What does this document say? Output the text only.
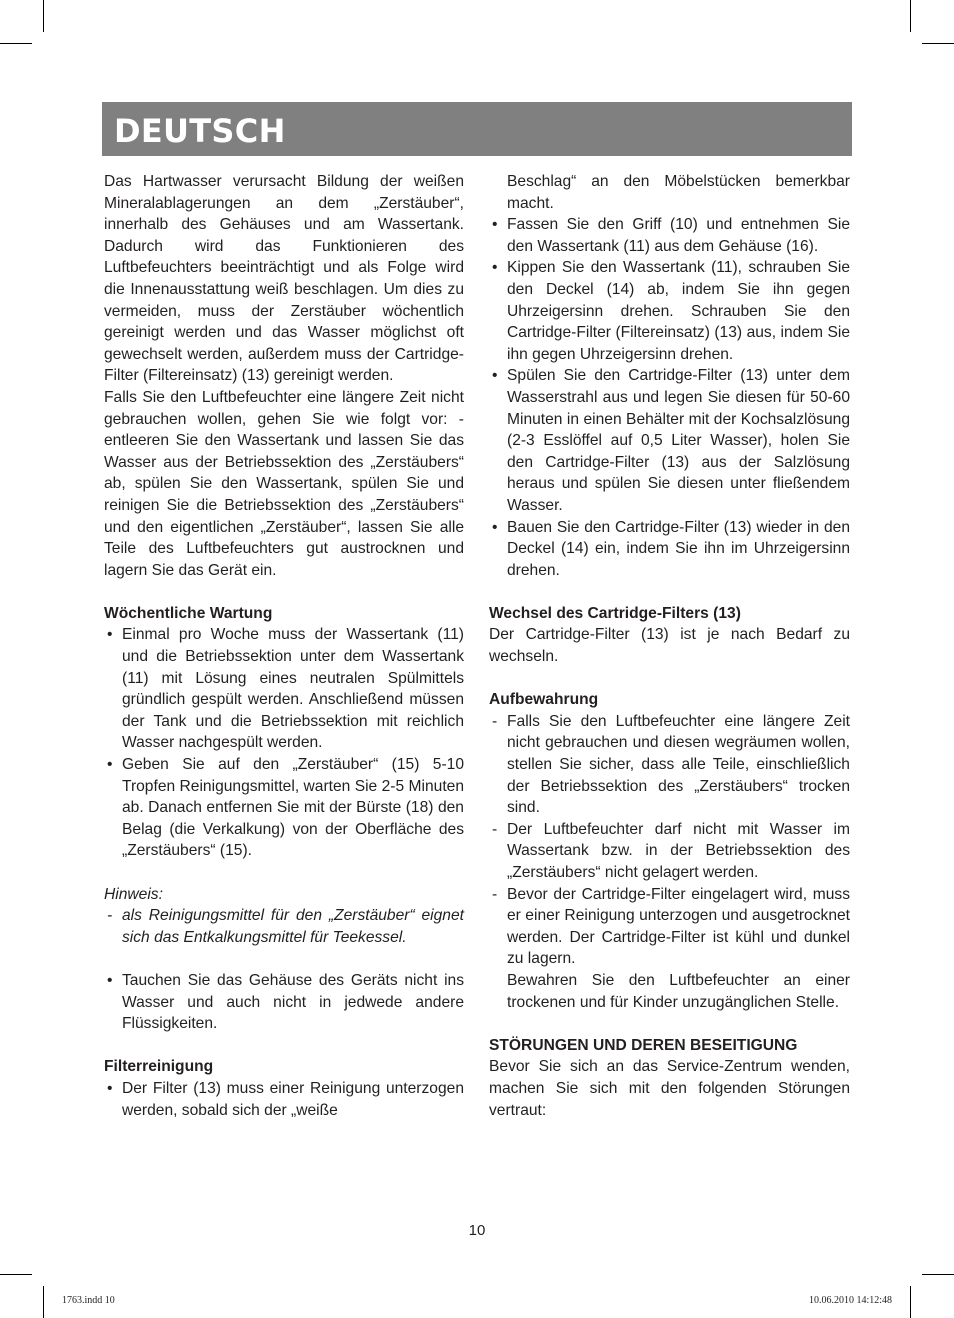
DEUTSCH

Das Hartwasser verursacht Bildung der weißen Mineralablagerungen an dem „Zerstäuber“, innerhalb des Gehäuses und am Wassertank. Dadurch wird das Funktionieren des Luftbefeuchters beeinträchtigt und als Folge wird die Innenausstattung weiß beschlagen. Um dies zu vermeiden, muss der Zerstäuber wöchentlich gereinigt werden und das Wasser möglichst oft gewechselt werden, außerdem muss der Cartridge-Filter (Filtereinsatz) (13) gereinigt werden.

Falls Sie den Luftbefeuchter eine längere Zeit nicht gebrauchen wollen, gehen Sie wie folgt vor: - entleeren Sie den Wassertank und lassen Sie das Wasser aus der Betriebssektion des „Zerstäubers“ ab, spülen Sie den Wassertank, spülen Sie und reinigen Sie die Betriebssektion des „Zerstäubers“ und den eigentlichen „Zerstäuber“, lassen Sie alle Teile des Luftbefeuchters gut austrocknen und lagern Sie das Gerät ein.

Wöchentliche Wartung

• Einmal pro Woche muss der Wassertank (11) und die Betriebssektion unter dem Wassertank (11) mit Lösung eines neutralen Spülmittels gründlich gespült werden. Anschließend müssen der Tank und die Betriebssektion mit reichlich Wasser nachgespült werden.
• Geben Sie auf den „Zerstäuber“ (15) 5-10 Tropfen Reinigungsmittel, warten Sie 2-5 Minuten ab. Danach entfernen Sie mit der Bürste (18) den Belag (die Verkalkung) von der Oberfläche des „Zerstäubers“ (15).

Hinweis:

- als Reinigungsmittel für den „Zerstäuber“ eignet sich das Entkalkungsmittel für Teekessel.
• Tauchen Sie das Gehäuse des Geräts nicht ins Wasser und auch nicht in jedwede andere Flüssigkeiten.

Filterreinigung

• Der Filter (13) muss einer Reinigung unterzogen werden, sobald sich der „weiße
Beschlag“ an den Möbelstücken bemerkbar macht.
• Fassen Sie den Griff (10) und entnehmen Sie den Wassertank (11) aus dem Gehäuse (16).
• Kippen Sie den Wassertank (11), schrauben Sie den Deckel (14) ab, indem Sie ihn gegen Uhrzeigersinn drehen. Schrauben Sie den Cartridge-Filter (Filtereinsatz) (13) aus, indem Sie ihn gegen Uhrzeigersinn drehen.
• Spülen Sie den Cartridge-Filter (13) unter dem Wasserstrahl aus und legen Sie diesen für 50-60 Minuten in einen Behälter mit der Kochsalzlösung (2-3 Esslöffel auf 0,5 Liter Wasser), holen Sie den Cartridge-Filter (13) aus der Salzlösung heraus und spülen Sie diesen unter fließendem Wasser.
• Bauen Sie den Cartridge-Filter (13) wieder in den Deckel (14) ein, indem Sie ihn im Uhrzeigersinn drehen.

Wechsel des Cartridge-Filters (13)

Der Cartridge-Filter (13) ist je nach Bedarf zu wechseln.

Aufbewahrung

- Falls Sie den Luftbefeuchter eine längere Zeit nicht gebrauchen und diesen wegräumen wollen, stellen Sie sicher, dass alle Teile, einschließlich der Betriebssektion des „Zerstäubers“ trocken sind.
- Der Luftbefeuchter darf nicht mit Wasser im Wassertank bzw. in der Betriebssektion des „Zerstäubers“ nicht gelagert werden.
- Bevor der Cartridge-Filter eingelagert wird, muss er einer Reinigung unterzogen und ausgetrocknet werden. Der Cartridge-Filter ist kühl und dunkel zu lagern.
Bewahren Sie den Luftbefeuchter an einer trockenen und für Kinder unzugänglichen Stelle.

STÖRUNGEN UND DEREN BESEITIGUNG

Bevor Sie sich an das Service-Zentrum wenden, machen Sie sich mit den folgenden Störungen vertraut:

10
1763.indd 10	10.06.2010 14:12:48
